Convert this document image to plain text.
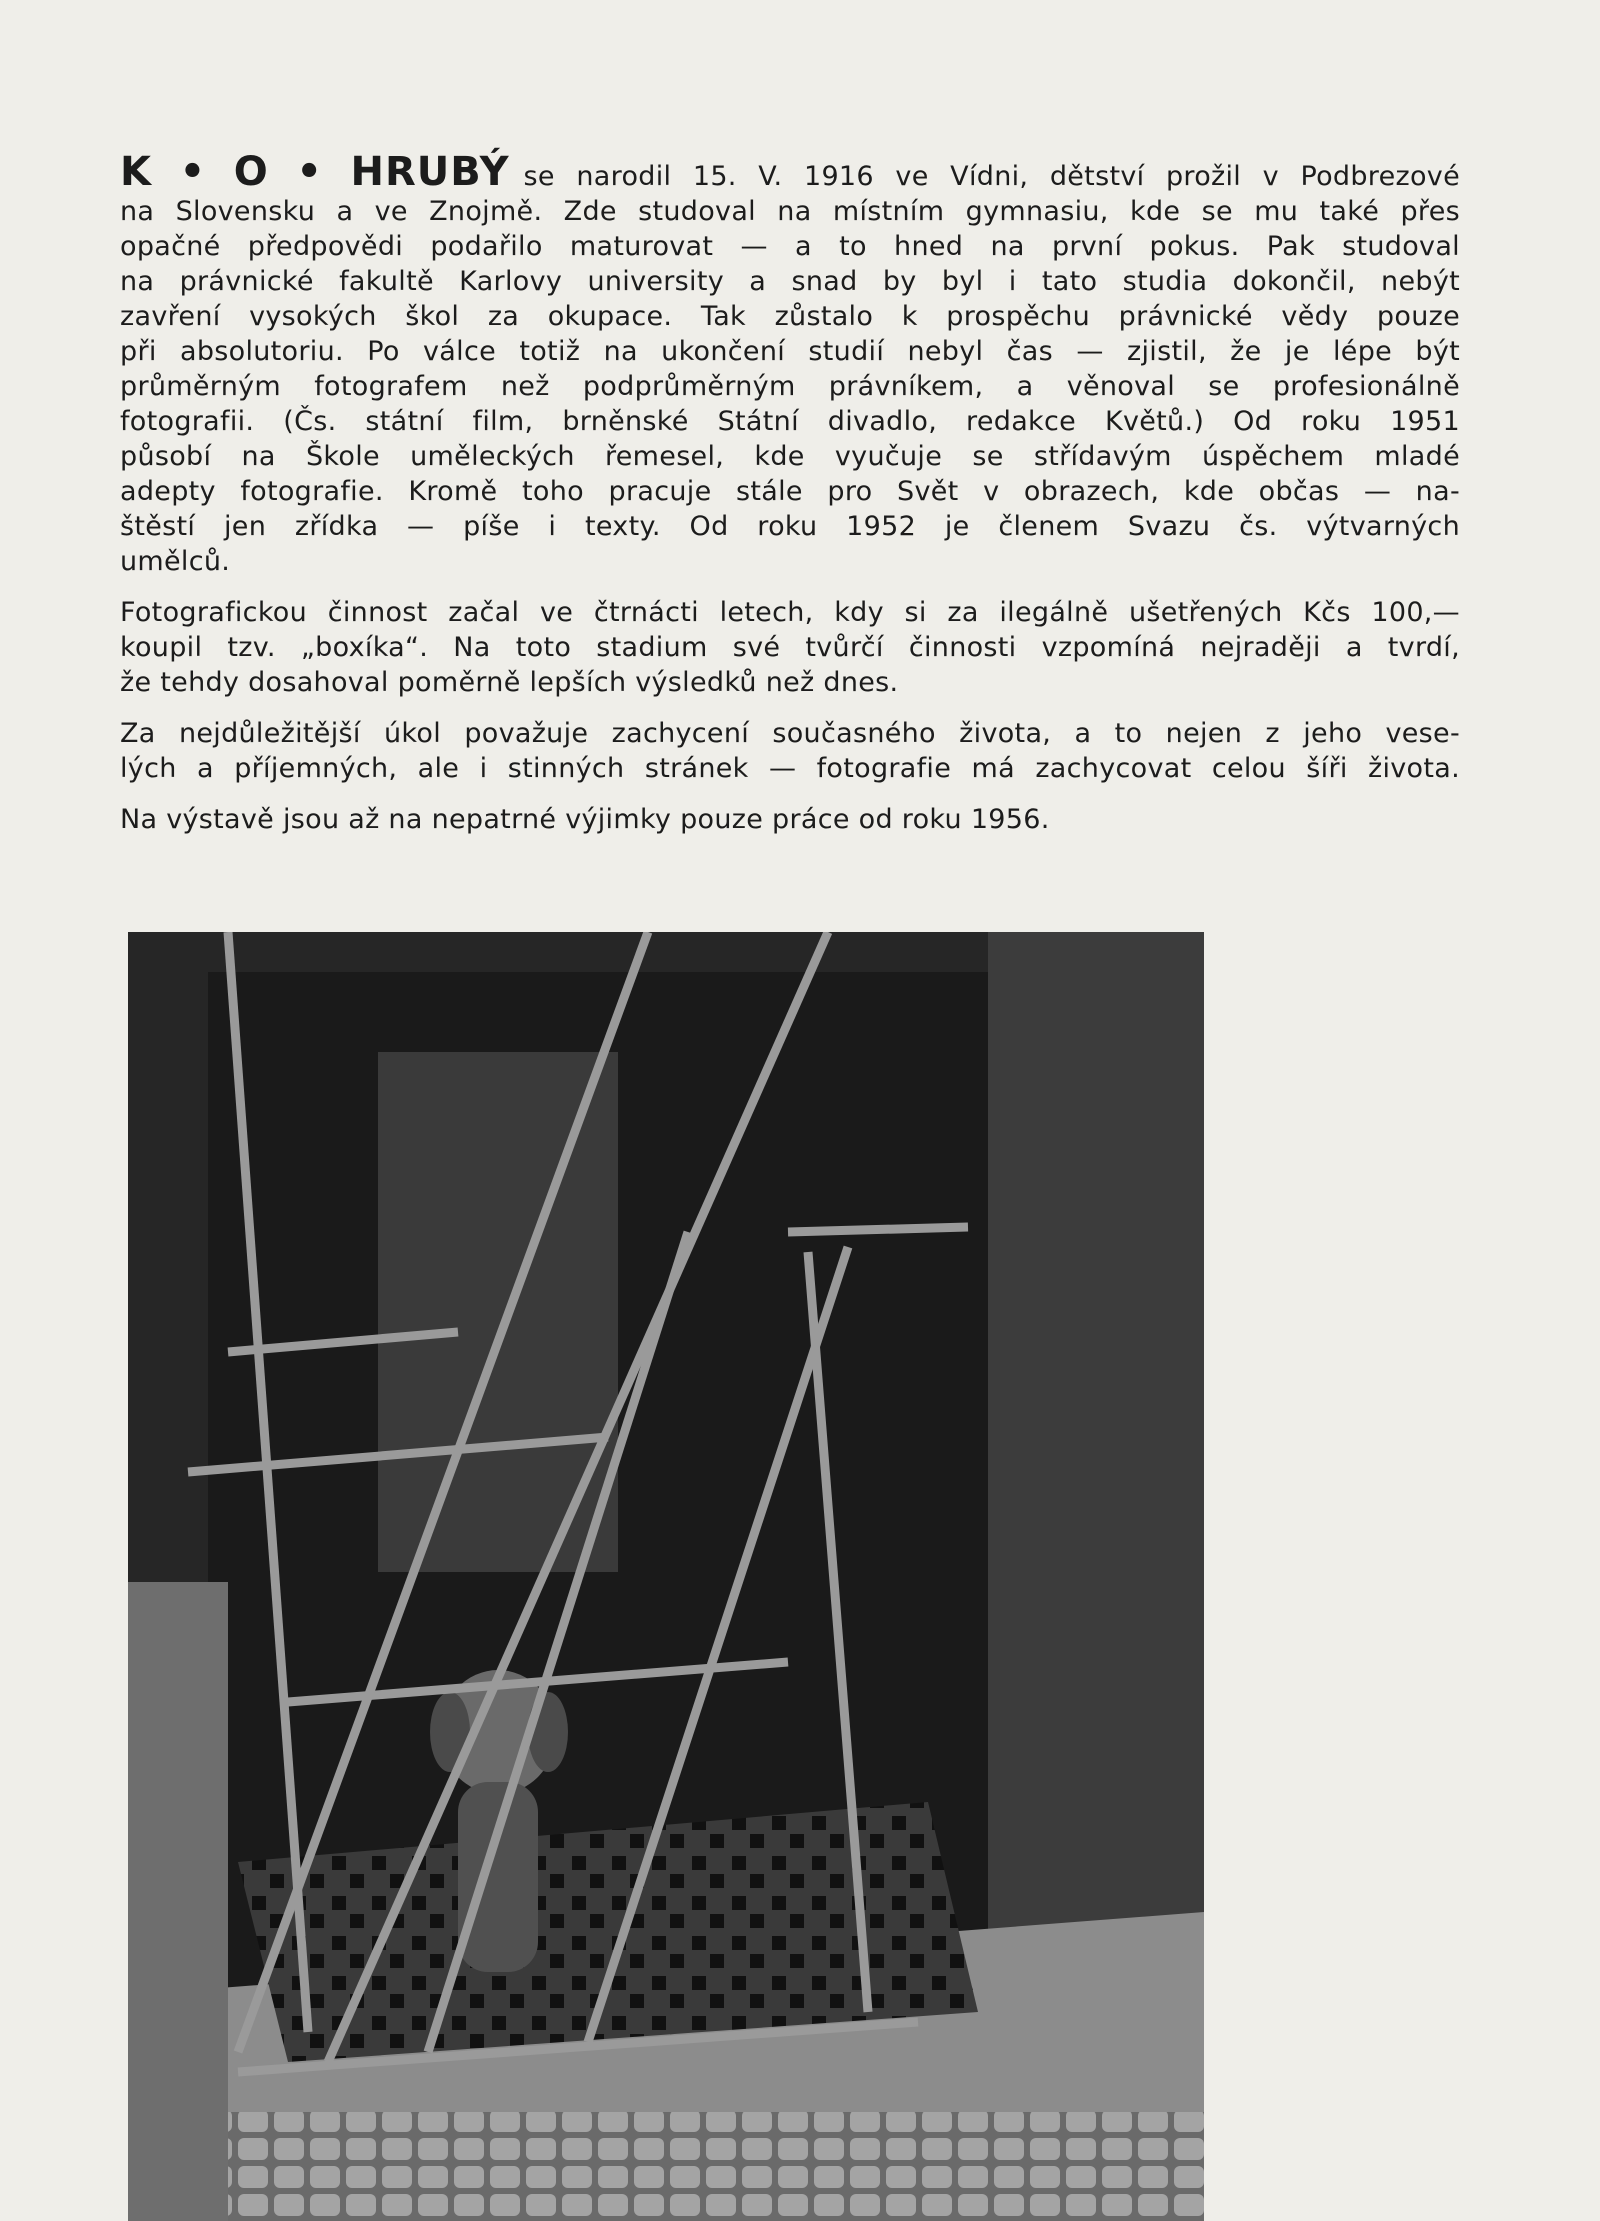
K • O • HRUBÝ se narodil 15. V. 1916 ve Vídni, dětství prožil v Podbrezové
na Slovensku a ve Znojmě. Zde studoval na místním gymnasiu, kde se mu také přes
opačné předpovědi podařilo maturovat — a to hned na první pokus. Pak studoval
na právnické fakultě Karlovy university a snad by byl i tato studia dokončil, nebýt
zavření vysokých škol za okupace. Tak zůstalo k prospěchu právnické vědy pouze
při absolutoriu. Po válce totiž na ukončení studií nebyl čas — zjistil, že je lépe být
průměrným fotografem než podprůměrným právníkem, a věnoval se profesionálně
fotografii. (Čs. státní film, brněnské Státní divadlo, redakce Květů.) Od roku 1951
působí na Škole uměleckých řemesel, kde vyučuje se střídavým úspěchem mladé
adepty fotografie. Kromě toho pracuje stále pro Svět v obrazech, kde občas — na-
štěstí jen zřídka — píše i texty. Od roku 1952 je členem Svazu čs. výtvarných
umělců.
Fotografickou činnost začal ve čtrnácti letech, kdy si za ilegálně ušetřených Kčs 100,—
koupil tzv. „boxíka“. Na toto stadium své tvůrčí činnosti vzpomíná nejraději a tvrdí,
že tehdy dosahoval poměrně lepších výsledků než dnes.
Za nejdůležitější úkol považuje zachycení současného života, a to nejen z jeho vese-
lých a příjemných, ale i stinných stránek — fotografie má zachycovat celou šíři života.
Na výstavě jsou až na nepatrné výjimky pouze práce od roku 1956.
